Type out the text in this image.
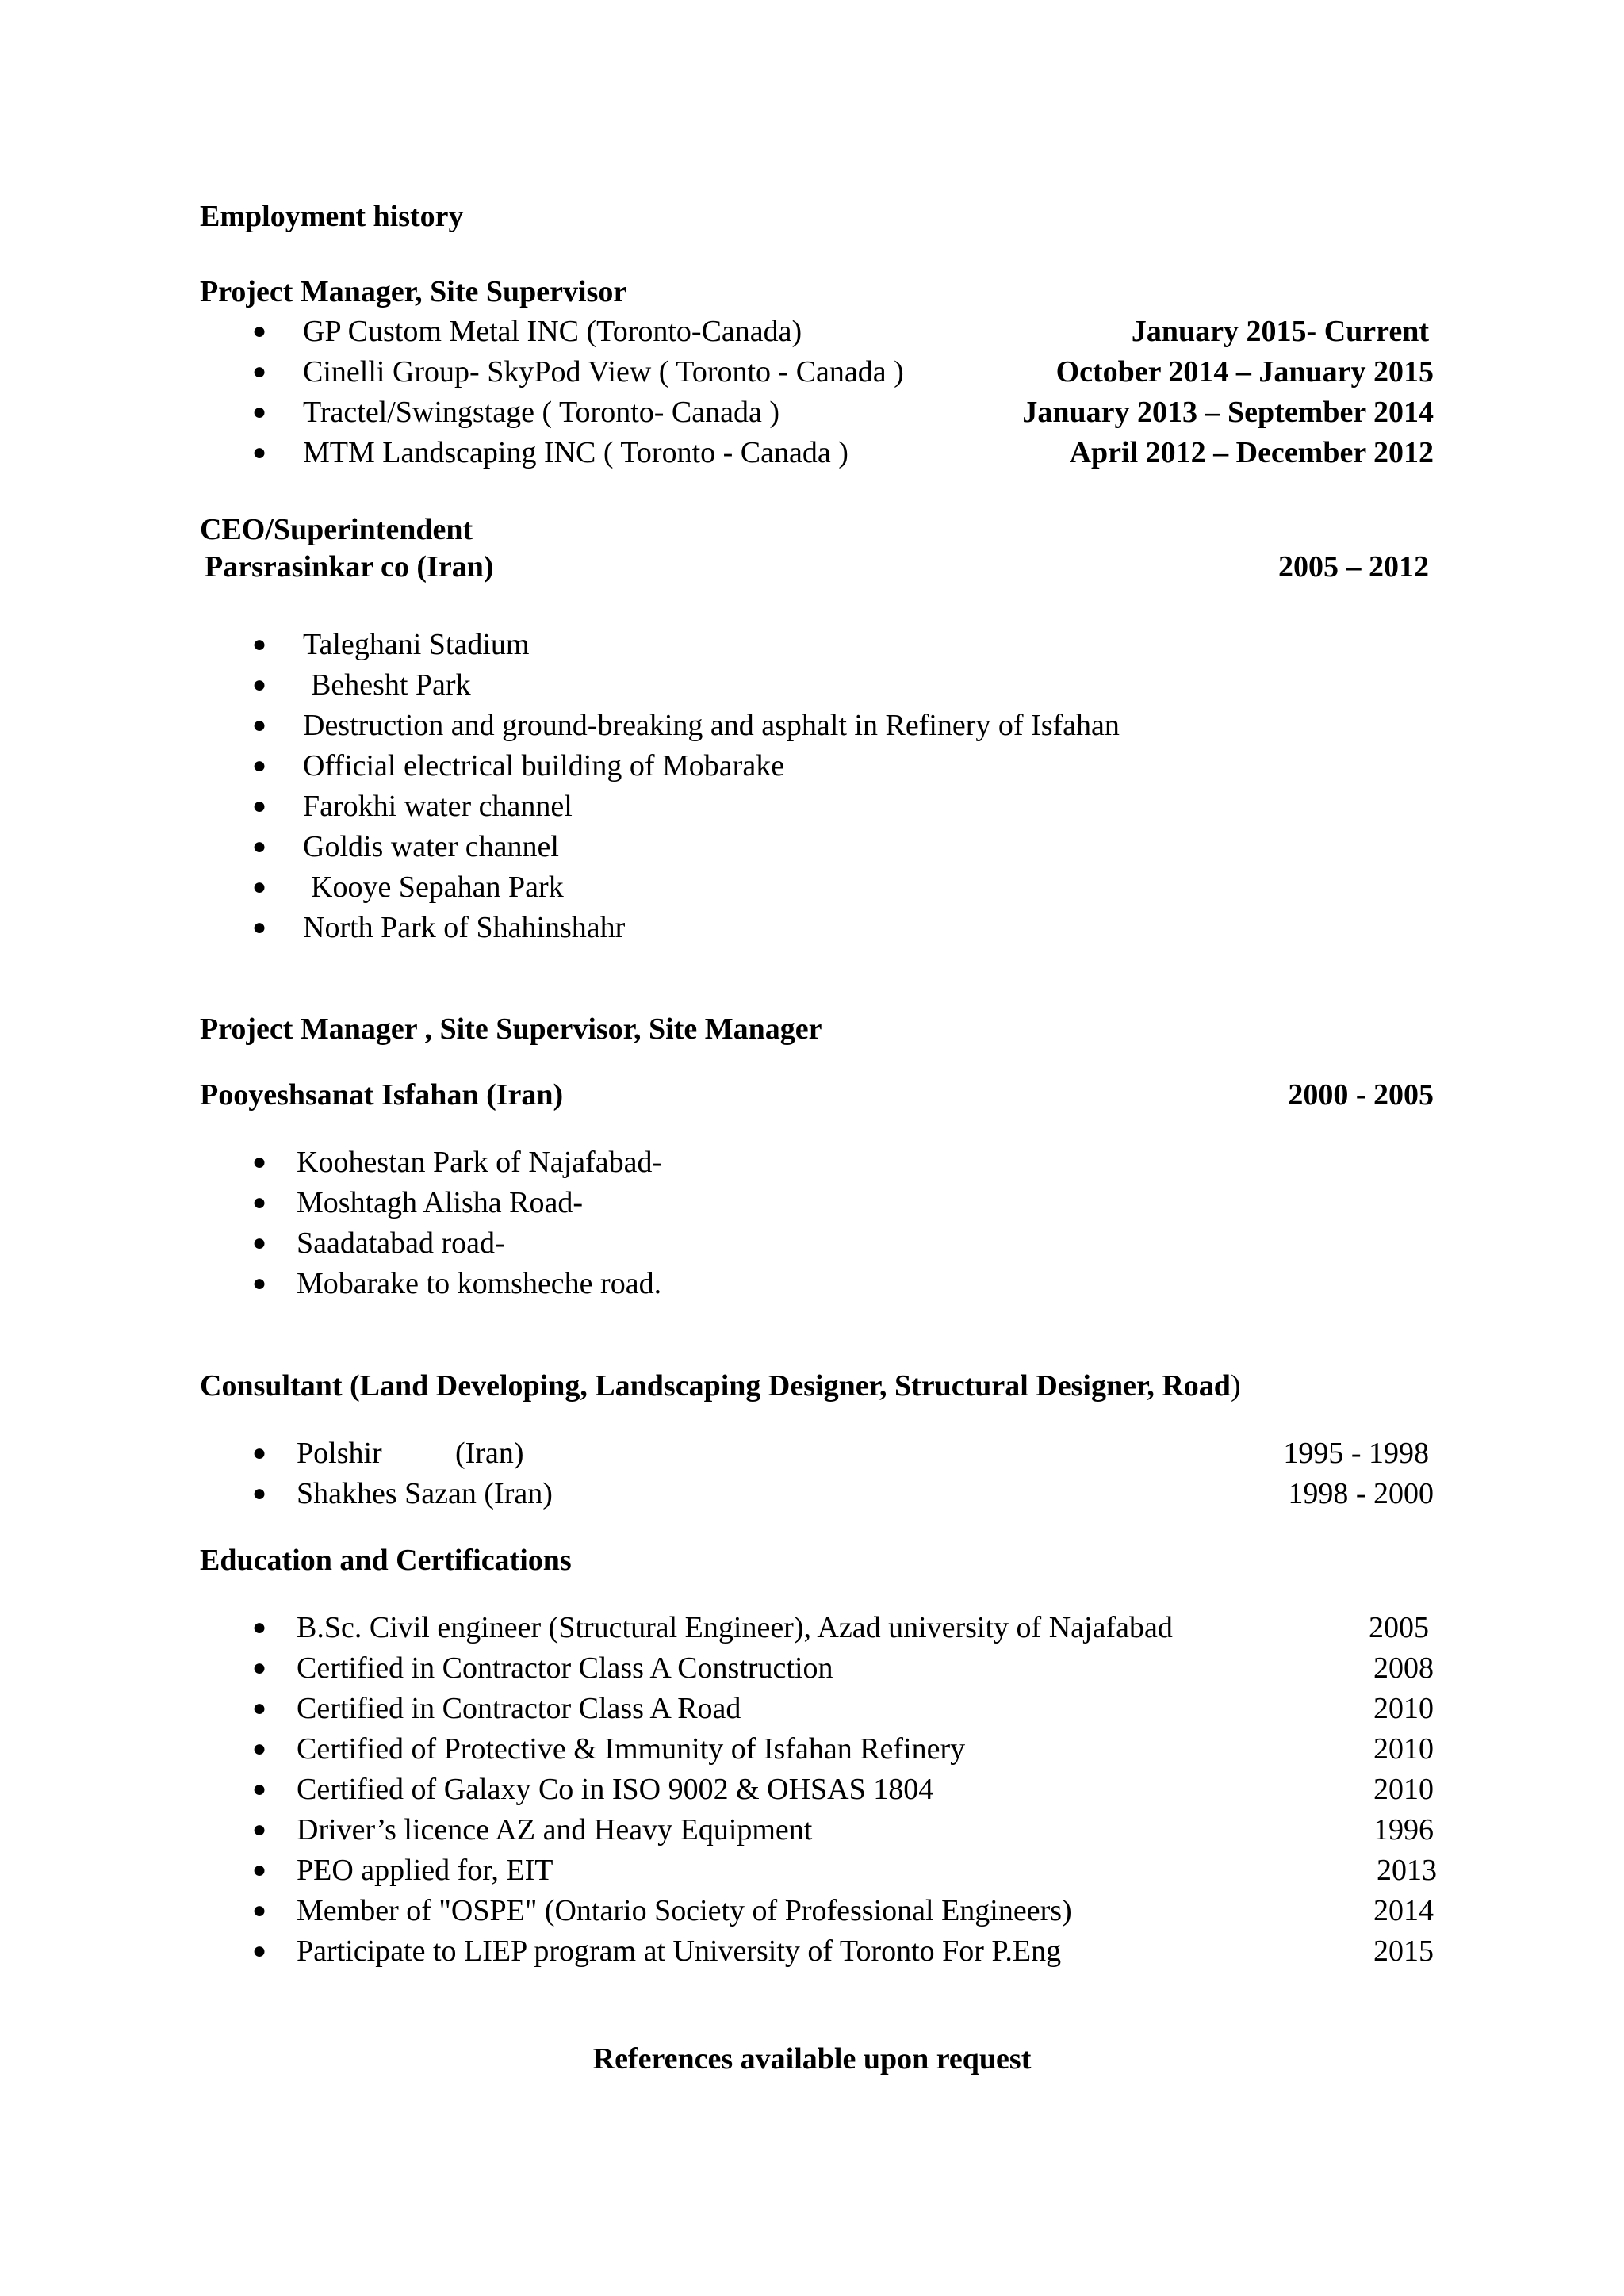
Employment history
Project Manager, Site Supervisor
● GP Custom Metal INC (Toronto-Canada)	January 2015- Current
● Cinelli Group- SkyPod View ( Toronto - Canada )	October 2014 – January 2015
● Tractel/Swingstage ( Toronto- Canada )	January 2013 – September 2014
● MTM Landscaping INC ( Toronto - Canada )	April 2012 – December 2012
CEO/Superintendent
Parsrasinkar co (Iran)	2005 – 2012
● Taleghani Stadium
● Behesht Park
● Destruction and ground-breaking and asphalt in Refinery of Isfahan
● Official electrical building of Mobarake
● Farokhi water channel
● Goldis water channel
● Kooye Sepahan Park
● North Park of Shahinshahr
Project Manager , Site Supervisor, Site Manager
Pooyeshsanat Isfahan (Iran)	2000 - 2005
● Koohestan Park of Najafabad-
● Moshtagh Alisha Road-
● Saadatabad road-
● Mobarake to komsheche road.
Consultant (Land Developing, Landscaping Designer, Structural Designer, Road)
● Polshir (Iran)	1995 - 1998
● Shakhes Sazan (Iran)	1998 - 2000
Education and Certifications
● B.Sc. Civil engineer (Structural Engineer), Azad university of Najafabad	2005
● Certified in Contractor Class A Construction	2008
● Certified in Contractor Class A Road	2010
● Certified of Protective & Immunity of Isfahan Refinery	2010
● Certified of Galaxy Co in ISO 9002 & OHSAS 1804	2010
● Driver’s licence AZ and Heavy Equipment	1996
● PEO applied for, EIT	2013
● Member of "OSPE" (Ontario Society of Professional Engineers)	2014
● Participate to LIEP program at University of Toronto For P.Eng	2015
References available upon request
